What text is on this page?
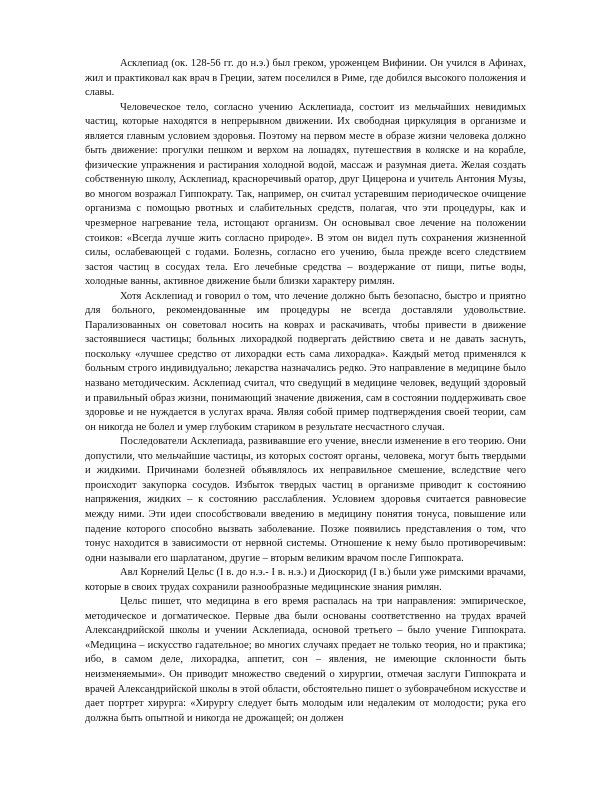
Асклепиад (ок. 128-56 гг. до н.э.) был греком, уроженцем Вифинии. Он учился в Афинах, жил и практиковал как врач в Греции, затем поселился в Риме, где добился высокого положения и славы.

Человеческое тело, согласно учению Асклепиада, состоит из мельчайших невидимых частиц, которые находятся в непрерывном движении. Их свободная циркуляция в организме и является главным условием здоровья. Поэтому на первом месте в образе жизни человека должно быть движение: прогулки пешком и верхом на лошадях, путешествия в коляске и на корабле, физические упражнения и растирания холодной водой, массаж и разумная диета. Желая создать собственную школу, Асклепиад, красноречивый оратор, друг Цицерона и учитель Антония Музы, во многом возражал Гиппократу. Так, например, он считал устаревшим периодическое очищение организма с помощью рвотных и слабительных средств, полагая, что эти процедуры, как и чрезмерное нагревание тела, истощают организм. Он основывал свое лечение на положении стоиков: «Всегда лучше жить согласно природе». В этом он видел путь сохранения жизненной силы, ослабевающей с годами. Болезнь, согласно его учению, была прежде всего следствием застоя частиц в сосудах тела. Его лечебные средства – воздержание от пищи, питье воды, холодные ванны, активное движение были близки характеру римлян.

Хотя Асклепиад и говорил о том, что лечение должно быть безопасно, быстро и приятно для больного, рекомендованные им процедуры не всегда доставляли удовольствие. Парализованных он советовал носить на коврах и раскачивать, чтобы привести в движение застоявшиеся частицы; больных лихорадкой подвергать действию света и не давать заснуть, поскольку «лучшее средство от лихорадки есть сама лихорадка». Каждый метод применялся к больным строго индивидуально; лекарства назначались редко. Это направление в медицине было названо методическим. Асклепиад считал, что сведущий в медицине человек, ведущий здоровый и правильный образ жизни, понимающий значение движения, сам в состоянии поддерживать свое здоровье и не нуждается в услугах врача. Являя собой пример подтверждения своей теории, сам он никогда не болел и умер глубоким стариком в результате несчастного случая.

Последователи Асклепиада, развивавшие его учение, внесли изменение в его теорию. Они допустили, что мельчайшие частицы, из которых состоят органы, человека, могут быть твердыми и жидкими. Причинами болезней объявлялось их неправильное смешение, вследствие чего происходит закупорка сосудов. Избыток твердых частиц в организме приводит к состоянию напряжения, жидких – к состоянию расслабления. Условием здоровья считается равновесие между ними. Эти идеи способствовали введению в медицину понятия тонуса, повышение или падение которого способно вызвать заболевание. Позже появились представления о том, что тонус находится в зависимости от нервной системы. Отношение к нему было противоречивым: одни называли его шарлатаном, другие – вторым великим врачом после Гиппократа.

Авл Корнелий Цельс (I в. до н.э.- I в. н.э.) и Диоскорид (I в.) были уже римскими врачами, которые в своих трудах сохранили разнообразные медицинские знания римлян.

Цельс пишет, что медицина в его время распалась на три направления: эмпирическое, методическое и догматическое. Первые два были основаны соответственно на трудах врачей Александрийской школы и учении Асклепиада, основой третьего – было учение Гиппократа. «Медицина – искусство гадательное; во многих случаях предает не только теория, но и практика; ибо, в самом деле, лихорадка, аппетит, сон – явления, не имеющие склонности быть неизменяемыми». Он приводит множество сведений о хирургии, отмечая заслуги Гиппократа и врачей Александрийской школы в этой области, обстоятельно пишет о зубоврачебном искусстве и дает портрет хирурга: «Хирургу следует быть молодым или недалеким от молодости; рука его должна быть опытной и никогда не дрожащей; он должен
